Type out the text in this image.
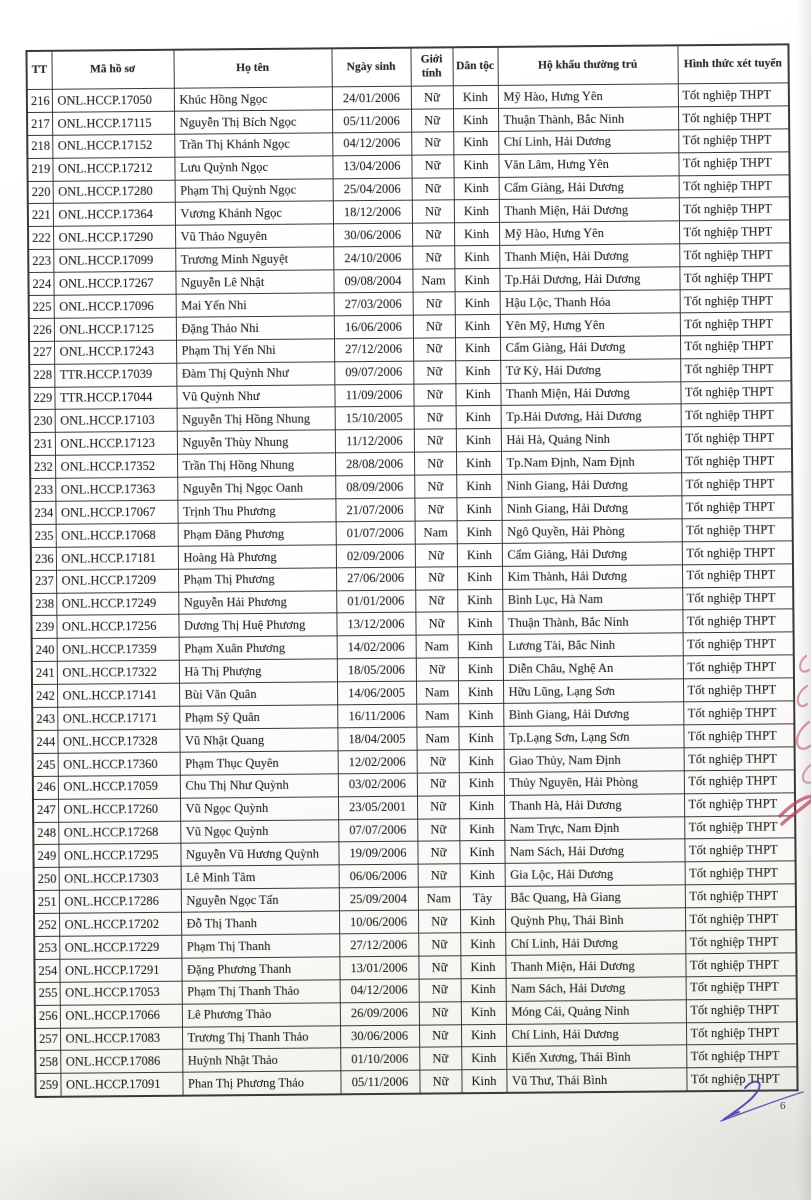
TT	Mã hồ sơ	Họ tên	Ngày sinh	Giới tính	Dân tộc	Hộ khẩu thường trú	Hình thức xét tuyển
216	ONL.HCCP.17050	Khúc Hồng Ngọc	24/01/2006	Nữ	Kinh	Mỹ Hào, Hưng Yên	Tốt nghiệp THPT
217	ONL.HCCP.17115	Nguyễn Thị Bích Ngọc	05/11/2006	Nữ	Kinh	Thuận Thành, Bắc Ninh	Tốt nghiệp THPT
218	ONL.HCCP.17152	Trần Thị Khánh Ngọc	04/12/2006	Nữ	Kinh	Chí Linh, Hải Dương	Tốt nghiệp THPT
219	ONL.HCCP.17212	Lưu Quỳnh Ngọc	13/04/2006	Nữ	Kinh	Văn Lâm, Hưng Yên	Tốt nghiệp THPT
220	ONL.HCCP.17280	Phạm Thị Quỳnh Ngọc	25/04/2006	Nữ	Kinh	Cẩm Giàng, Hải Dương	Tốt nghiệp THPT
221	ONL.HCCP.17364	Vương Khánh Ngọc	18/12/2006	Nữ	Kinh	Thanh Miện, Hải Dương	Tốt nghiệp THPT
222	ONL.HCCP.17290	Vũ Thảo Nguyên	30/06/2006	Nữ	Kinh	Mỹ Hào, Hưng Yên	Tốt nghiệp THPT
223	ONL.HCCP.17099	Trương Minh Nguyệt	24/10/2006	Nữ	Kinh	Thanh Miện, Hải Dương	Tốt nghiệp THPT
224	ONL.HCCP.17267	Nguyễn Lê Nhật	09/08/2004	Nam	Kinh	Tp.Hải Dương, Hải Dương	Tốt nghiệp THPT
225	ONL.HCCP.17096	Mai Yến Nhi	27/03/2006	Nữ	Kinh	Hậu Lộc, Thanh Hóa	Tốt nghiệp THPT
226	ONL.HCCP.17125	Đặng Thảo Nhi	16/06/2006	Nữ	Kinh	Yên Mỹ, Hưng Yên	Tốt nghiệp THPT
227	ONL.HCCP.17243	Phạm Thị Yến Nhi	27/12/2006	Nữ	Kinh	Cẩm Giàng, Hải Dương	Tốt nghiệp THPT
228	TTR.HCCP.17039	Đàm Thị Quỳnh Như	09/07/2006	Nữ	Kinh	Tứ Kỳ, Hải Dương	Tốt nghiệp THPT
229	TTR.HCCP.17044	Vũ Quỳnh Như	11/09/2006	Nữ	Kinh	Thanh Miện, Hải Dương	Tốt nghiệp THPT
230	ONL.HCCP.17103	Nguyễn Thị Hồng Nhung	15/10/2005	Nữ	Kinh	Tp.Hải Dương, Hải Dương	Tốt nghiệp THPT
231	ONL.HCCP.17123	Nguyễn Thùy Nhung	11/12/2006	Nữ	Kinh	Hải Hà, Quảng Ninh	Tốt nghiệp THPT
232	ONL.HCCP.17352	Trần Thị Hồng Nhung	28/08/2006	Nữ	Kinh	Tp.Nam Định, Nam Định	Tốt nghiệp THPT
233	ONL.HCCP.17363	Nguyễn Thị Ngọc Oanh	08/09/2006	Nữ	Kinh	Ninh Giang, Hải Dương	Tốt nghiệp THPT
234	ONL.HCCP.17067	Trịnh Thu Phương	21/07/2006	Nữ	Kinh	Ninh Giang, Hải Dương	Tốt nghiệp THPT
235	ONL.HCCP.17068	Phạm Đăng Phương	01/07/2006	Nam	Kinh	Ngô Quyền, Hải Phòng	Tốt nghiệp THPT
236	ONL.HCCP.17181	Hoàng Hà Phương	02/09/2006	Nữ	Kinh	Cẩm Giàng, Hải Dương	Tốt nghiệp THPT
237	ONL.HCCP.17209	Phạm Thị Phương	27/06/2006	Nữ	Kinh	Kim Thành, Hải Dương	Tốt nghiệp THPT
238	ONL.HCCP.17249	Nguyễn Hải Phương	01/01/2006	Nữ	Kinh	Bình Lục, Hà Nam	Tốt nghiệp THPT
239	ONL.HCCP.17256	Dương Thị Huệ Phương	13/12/2006	Nữ	Kinh	Thuận Thành, Bắc Ninh	Tốt nghiệp THPT
240	ONL.HCCP.17359	Phạm Xuân Phương	14/02/2006	Nam	Kinh	Lương Tài, Bắc Ninh	Tốt nghiệp THPT
241	ONL.HCCP.17322	Hà Thị Phượng	18/05/2006	Nữ	Kinh	Diễn Châu, Nghệ An	Tốt nghiệp THPT
242	ONL.HCCP.17141	Bùi Văn Quân	14/06/2005	Nam	Kinh	Hữu Lũng, Lạng Sơn	Tốt nghiệp THPT
243	ONL.HCCP.17171	Phạm Sỹ Quân	16/11/2006	Nam	Kinh	Bình Giang, Hải Dương	Tốt nghiệp THPT
244	ONL.HCCP.17328	Vũ Nhật Quang	18/04/2005	Nam	Kinh	Tp.Lạng Sơn, Lạng Sơn	Tốt nghiệp THPT
245	ONL.HCCP.17360	Phạm Thục Quyên	12/02/2006	Nữ	Kinh	Giao Thủy, Nam Định	Tốt nghiệp THPT
246	ONL.HCCP.17059	Chu Thị Như Quỳnh	03/02/2006	Nữ	Kinh	Thủy Nguyên, Hải Phòng	Tốt nghiệp THPT
247	ONL.HCCP.17260	Vũ Ngọc Quỳnh	23/05/2001	Nữ	Kinh	Thanh Hà, Hải Dương	Tốt nghiệp THPT
248	ONL.HCCP.17268	Vũ Ngọc Quỳnh	07/07/2006	Nữ	Kinh	Nam Trực, Nam Định	Tốt nghiệp THPT
249	ONL.HCCP.17295	Nguyễn Vũ Hương Quỳnh	19/09/2006	Nữ	Kinh	Nam Sách, Hải Dương	Tốt nghiệp THPT
250	ONL.HCCP.17303	Lê Minh Tâm	06/06/2006	Nữ	Kinh	Gia Lộc, Hải Dương	Tốt nghiệp THPT
251	ONL.HCCP.17286	Nguyễn Ngọc Tấn	25/09/2004	Nam	Tày	Bắc Quang, Hà Giang	Tốt nghiệp THPT
252	ONL.HCCP.17202	Đỗ Thị Thanh	10/06/2006	Nữ	Kinh	Quỳnh Phụ, Thái Bình	Tốt nghiệp THPT
253	ONL.HCCP.17229	Phạm Thị Thanh	27/12/2006	Nữ	Kinh	Chí Linh, Hải Dương	Tốt nghiệp THPT
254	ONL.HCCP.17291	Đặng Phương Thanh	13/01/2006	Nữ	Kinh	Thanh Miện, Hải Dương	Tốt nghiệp THPT
255	ONL.HCCP.17053	Phạm Thị Thanh Thảo	04/12/2006	Nữ	Kinh	Nam Sách, Hải Dương	Tốt nghiệp THPT
256	ONL.HCCP.17066	Lê Phương Thảo	26/09/2006	Nữ	Kinh	Móng Cái, Quảng Ninh	Tốt nghiệp THPT
257	ONL.HCCP.17083	Trương Thị Thanh Thảo	30/06/2006	Nữ	Kinh	Chí Linh, Hải Dương	Tốt nghiệp THPT
258	ONL.HCCP.17086	Huỳnh Nhật Thảo	01/10/2006	Nữ	Kinh	Kiến Xương, Thái Bình	Tốt nghiệp THPT
259	ONL.HCCP.17091	Phan Thị Phương Thảo	05/11/2006	Nữ	Kinh	Vũ Thư, Thái Bình	Tốt nghiệp THPT
6
